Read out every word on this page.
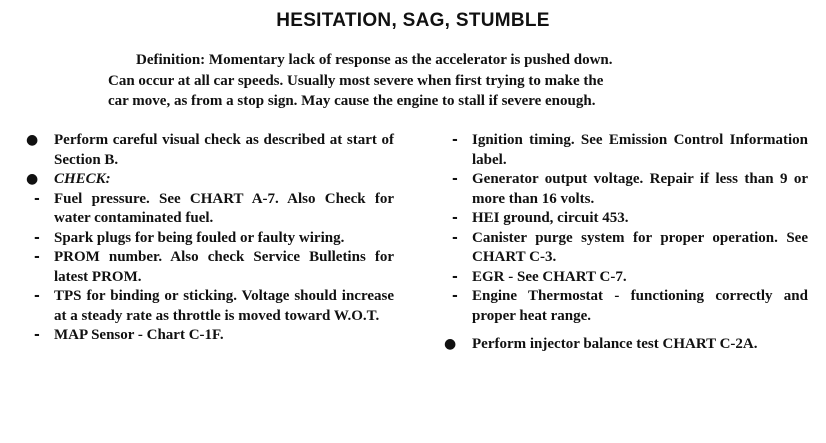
HESITATION, SAG, STUMBLE
Definition: Momentary lack of response as the accelerator is pushed down.
Can occur at all car speeds. Usually most severe when first trying to make the
car move, as from a stop sign. May cause the engine to stall if severe enough.
●	Perform careful visual check as described at start of Section B.
●	CHECK:
- Fuel pressure. See CHART A-7. Also Check for water contaminated fuel.
- Spark plugs for being fouled or faulty wiring.
- PROM number. Also check Service Bulletins for latest PROM.
- TPS for binding or sticking. Voltage should increase at a steady rate as throttle is moved toward W.O.T.
- MAP Sensor - Chart C-1F.
- Ignition timing. See Emission Control Information label.
- Generator output voltage. Repair if less than 9 or more than 16 volts.
- HEI ground, circuit 453.
- Canister purge system for proper operation. See CHART C-3.
- EGR - See CHART C-7.
- Engine Thermostat - functioning correctly and proper heat range.
●	Perform injector balance test CHART C-2A.
